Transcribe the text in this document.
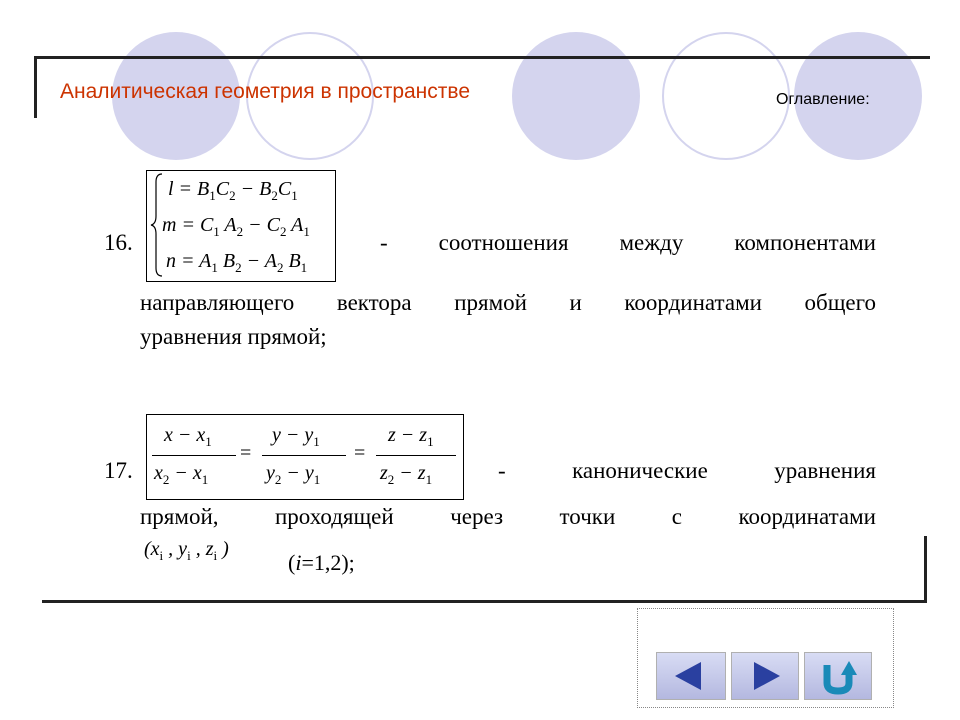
Аналитическая геометрия в пространстве	Оглавление:
$l = B_1C_2 - B_2C_1$
$m = C_1$ $A_2 - C_2$ $A_1$
$n = A_1$ $B_2 - A_2$ $B_1$
16.	- соотношения между компонентами
направляющего вектора прямой и координатами общего
уравнения прямой;
$x - x_1$
$x_2 - x_1$
=
$y - y_1$
$y_2 - y_1$
=
$z - z_1$
$z_2 - z_1$
17.	- канонические уравнения
прямой, проходящей через точки с координатами
($x_i$ , $y_i$ , $z_i$ )
(i=1,2);
